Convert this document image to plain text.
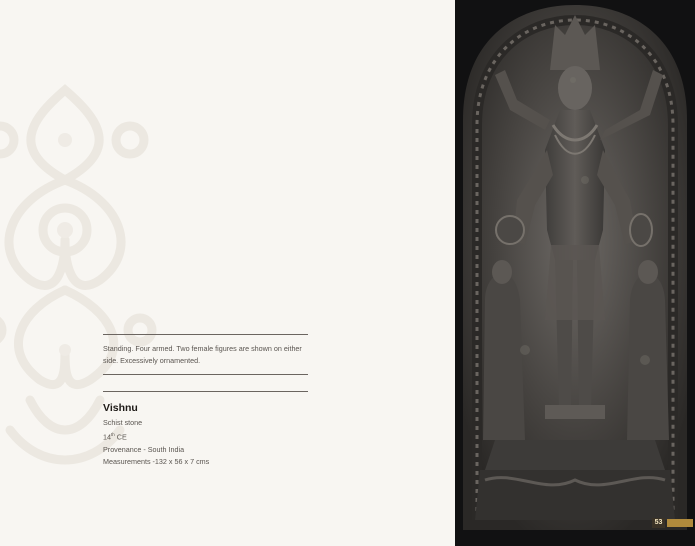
Standing. Four armed. Two female figures are shown on either side. Excessively ornamented.
Vishnu
Schist stone
14th CE
Provenance - South India
Measurements -132 x 56 x 7 cms
53
